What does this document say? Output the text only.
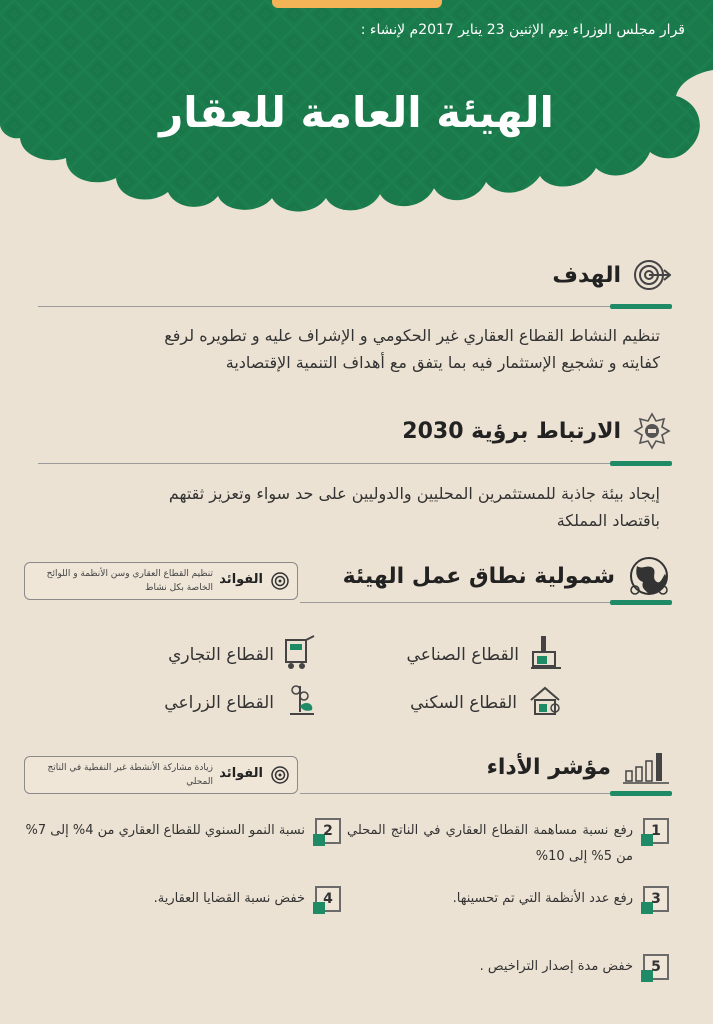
قرار مجلس الوزراء يوم الإثنين 23 يناير 2017م لإنشاء :
الهيئة العامة للعقار
الهدف
تنظيم النشاط القطاع العقاري غير الحكومي و الإشراف عليه و تطويره لرفع كفايته و تشجيع الإستثمار فيه بما يتفق مع أهداف التنمية الإقتصادية
الارتباط برؤية 2030
إيجاد بيئة جاذبة للمستثمرين المحليين والدوليين على حد سواء وتعزيز ثقتهم باقتصاد المملكة
شمولية نطاق عمل الهيئة
الفوائد
تنظيم القطاع العقاري وسن الأنظمة و اللوائح الخاصة بكل نشاط
القطاع التجاري	القطاع الصناعي
القطاع الزراعي	القطاع السكني
مؤشر الأداء
الفوائد
زيادة مشاركة الأنشطة غير النفطية في الناتج المحلي
1
رفع نسبة مساهمة القطاع العقاري في الناتج المحلي من 5% إلى 10%
2
نسبة النمو السنوي للقطاع العقاري من 4% إلى 7%
3
رفع عدد الأنظمة التي تم تحسينها.
4
خفض نسبة القضايا العقارية.
5
خفض مدة إصدار التراخيص .
